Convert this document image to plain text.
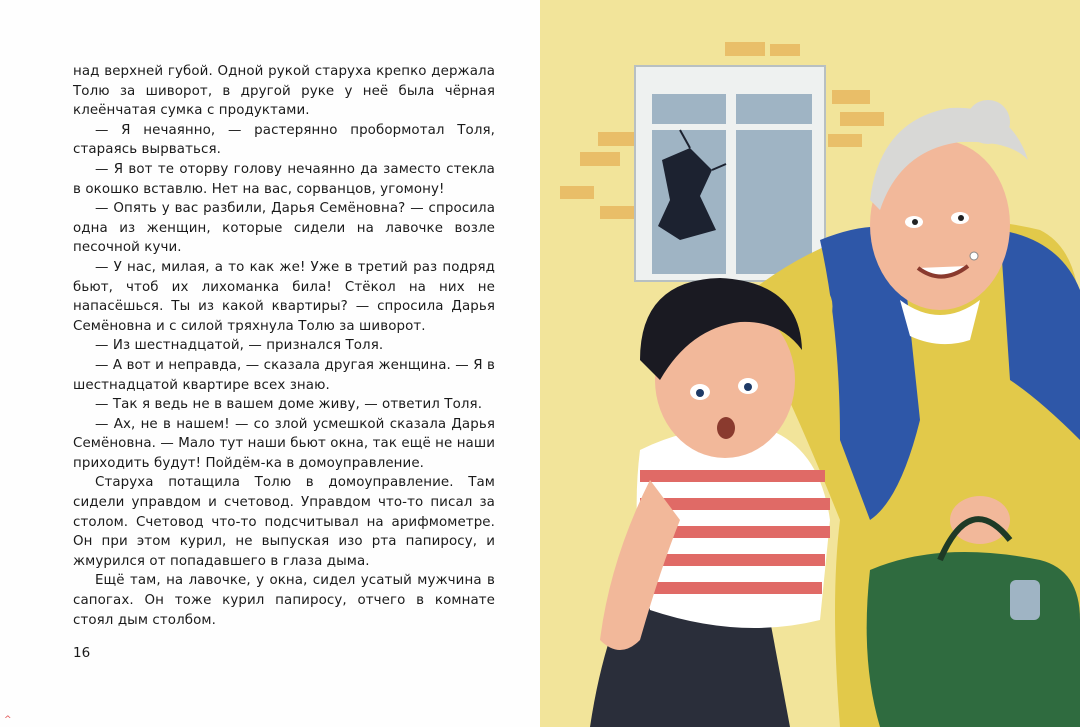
над верхней губой. Одной рукой старуха крепко держала Толю за шиворот, в другой руке у неё была чёрная клеёнчатая сумка с продуктами.

— Я нечаянно, — растерянно пробормотал Толя, стараясь вырваться.

— Я вот те оторву голову нечаянно да заместо стекла в окошко вставлю. Нет на вас, сорванцов, угомону!

— Опять у вас разбили, Дарья Семёновна? — спросила одна из женщин, которые сидели на лавочке возле песочной кучи.

— У нас, милая, а то как же! Уже в третий раз подряд бьют, чтоб их лихоманка била! Стёкол на них не напасёшься. Ты из какой квартиры? — спросила Дарья Семёновна и с силой тряхнула Толю за шиворот.

— Из шестнадцатой, — признался Толя.

— А вот и неправда, — сказала другая женщина. — Я в шестнадцатой квартире всех знаю.

— Так я ведь не в вашем доме живу, — ответил Толя.

— Ах, не в нашем! — со злой усмешкой сказала Дарья Семёновна. — Мало тут наши бьют окна, так ещё не наши приходить будут! Пойдём-ка в домоуправление.

Старуха потащила Толю в домоуправление. Там сидели управдом и счетовод. Управдом что-то писал за столом. Счетовод что-то подсчитывал на арифмометре. Он при этом курил, не выпуская изо рта папиросу, и жмурился от попадавшего в глаза дыма.

Ещё там, на лавочке, у окна, сидел усатый мужчина в сапогах. Он тоже курил папиросу, отчего в комнате стоял дым столбом.

16
^
